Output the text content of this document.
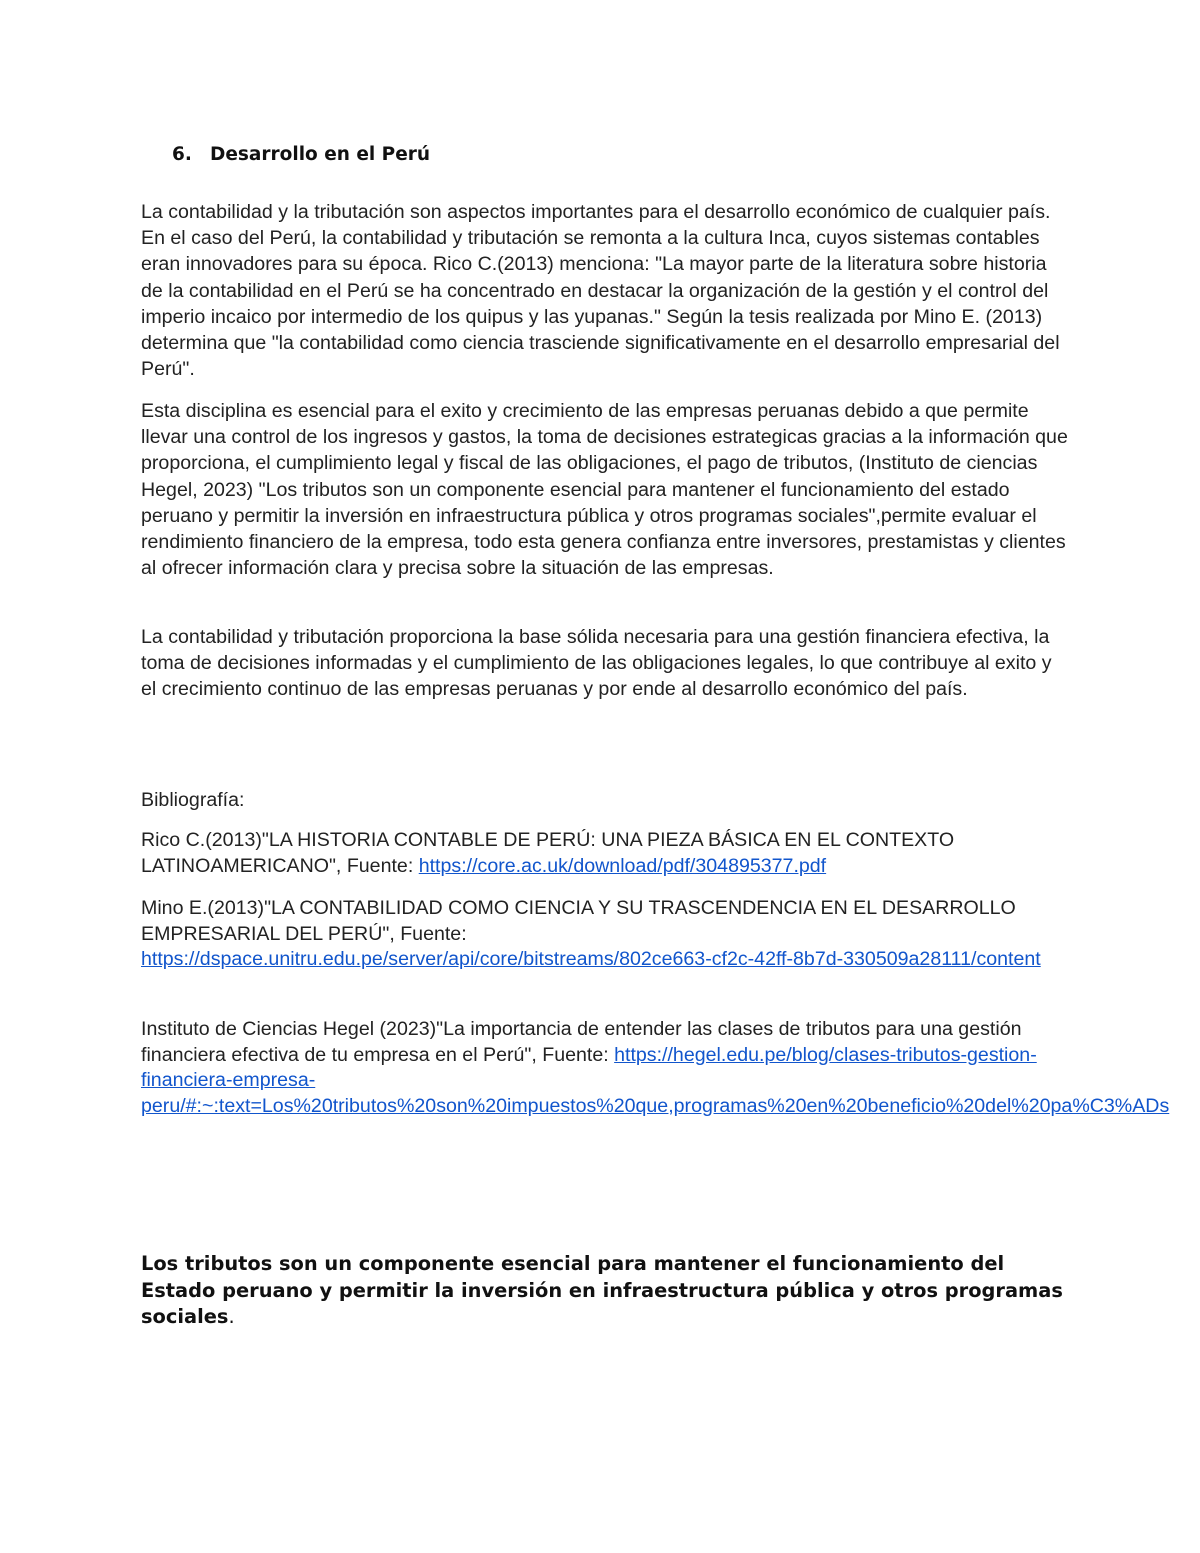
6. Desarrollo en el Perú

La contabilidad y la tributación son aspectos importantes para el desarrollo económico de cualquier país. En el caso del Perú, la contabilidad y tributación se remonta a la cultura Inca, cuyos sistemas contables eran innovadores para su época. Rico C.(2013) menciona: "La mayor parte de la literatura sobre historia de la contabilidad en el Perú se ha concentrado en destacar la organización de la gestión y el control del imperio incaico por intermedio de los quipus y las yupanas." Según la tesis realizada por Mino E. (2013) determina que "la contabilidad como ciencia trasciende significativamente en el desarrollo empresarial del Perú".

Esta disciplina es esencial para el exito y crecimiento de las empresas peruanas debido a que permite llevar una control de los ingresos y gastos, la toma de decisiones estrategicas gracias a la información que proporciona, el cumplimiento legal y fiscal de las obligaciones, el pago de tributos, (Instituto de ciencias Hegel, 2023) "Los tributos son un componente esencial para mantener el funcionamiento del estado peruano y permitir la inversión en infraestructura pública y otros programas sociales",permite evaluar el rendimiento financiero de la empresa, todo esta genera confianza entre inversores, prestamistas y clientes al ofrecer información clara y precisa sobre la situación de las empresas.

La contabilidad y tributación proporciona la base sólida necesaria para una gestión financiera efectiva, la toma de decisiones informadas y el cumplimiento de las obligaciones legales, lo que contribuye al exito y el crecimiento continuo de las empresas peruanas y por ende al desarrollo económico del país.

Bibliografía:

Rico C.(2013)"LA HISTORIA CONTABLE DE PERÚ: UNA PIEZA BÁSICA EN EL CONTEXTO LATINOAMERICANO", Fuente: https://core.ac.uk/download/pdf/304895377.pdf

Mino E.(2013)"LA CONTABILIDAD COMO CIENCIA Y SU TRASCENDENCIA EN EL DESARROLLO EMPRESARIAL DEL PERÚ", Fuente:
https://dspace.unitru.edu.pe/server/api/core/bitstreams/802ce663-cf2c-42ff-8b7d-330509a28111/content

Instituto de Ciencias Hegel (2023)"La importancia de entender las clases de tributos para una gestión financiera efectiva de tu empresa en el Perú", Fuente: https://hegel.edu.pe/blog/clases-tributos-gestion-financiera-empresa-peru/#:~:text=Los%20tributos%20son%20impuestos%20que,programas%20en%20beneficio%20del%20pa%C3%ADs

Los tributos son un componente esencial para mantener el funcionamiento del Estado peruano y permitir la inversión en infraestructura pública y otros programas sociales.
